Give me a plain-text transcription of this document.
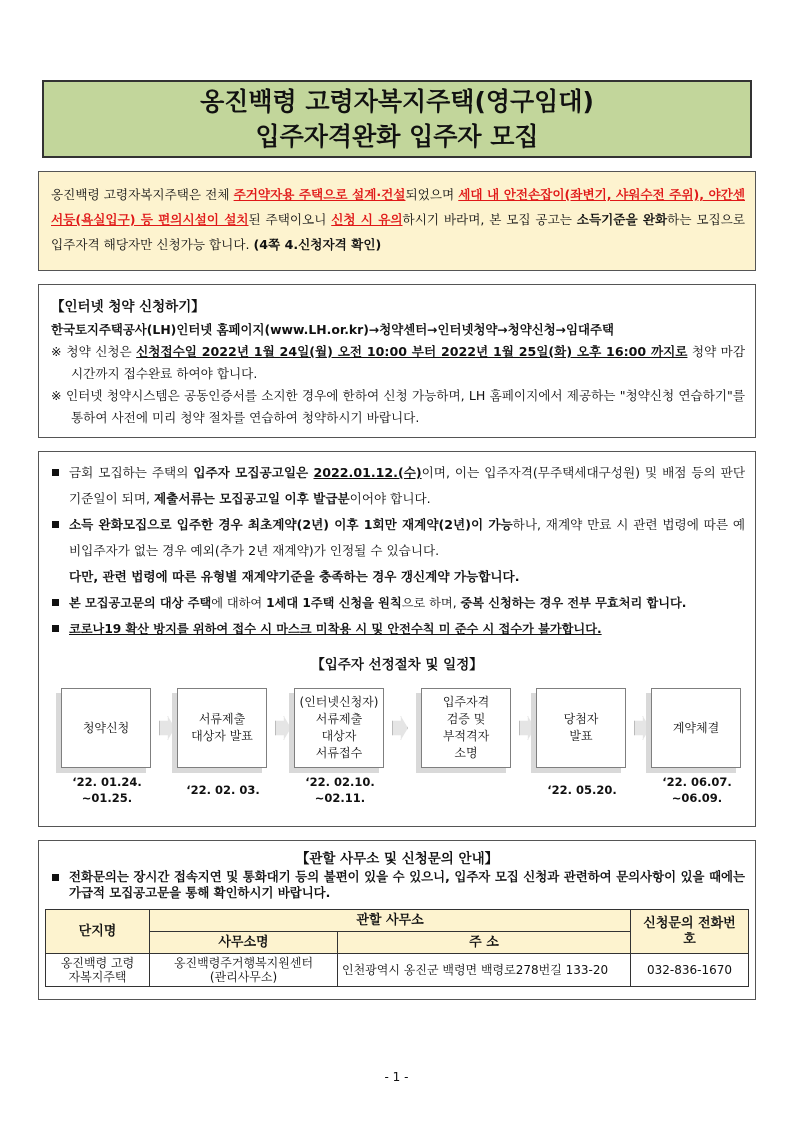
옹진백령 고령자복지주택(영구임대)
입주자격완화 입주자 모집
옹진백령 고령자복지주택은 전체 주거약자용 주택으로 설계·건설되었으며 세대 내 안전손잡이(좌변기, 샤워수전 주위), 야간센서등(욕실입구) 등 편의시설이 설치된 주택이오니 신청 시 유의하시기 바라며, 본 모집 공고는 소득기준을 완화하는 모집으로 입주자격 해당자만 신청가능 합니다. (4쪽 4.신청자격 확인)
【인터넷 청약 신청하기】
한국토지주택공사(LH)인터넷 홈페이지(www.LH.or.kr)→청약센터→인터넷청약→청약신청→임대주택
※ 청약 신청은 신청접수일 2022년 1월 24일(월) 오전 10:00 부터 2022년 1월 25일(화) 오후 16:00 까지로 청약 마감시간까지 접수완료 하여야 합니다.
※ 인터넷 청약시스템은 공동인증서를 소지한 경우에 한하여 신청 가능하며, LH 홈페이지에서 제공하는 "청약신청 연습하기"를 통하여 사전에 미리 청약 절차를 연습하여 청약하시기 바랍니다.
금회 모집하는 주택의 입주자 모집공고일은 2022.01.12.(수)이며, 이는 입주자격(무주택세대구성원) 및 배점 등의 판단 기준일이 되며, 제출서류는 모집공고일 이후 발급분이어야 합니다.
소득 완화모집으로 입주한 경우 최초계약(2년) 이후 1회만 재계약(2년)이 가능하나, 재계약 만료 시 관련 법령에 따른 예비입주자가 없는 경우 예외(추가 2년 재계약)가 인정될 수 있습니다.
다만, 관련 법령에 따른 유형별 재계약기준을 충족하는 경우 갱신계약 가능합니다.
본 모집공고문의 대상 주택에 대하여 1세대 1주택 신청을 원칙으로 하며, 중복 신청하는 경우 전부 무효처리 합니다.
코로나19 확산 방지를 위하여 접수 시 마스크 미착용 시 및 안전수칙 미 준수 시 접수가 불가합니다.
【입주자 선정절차 및 일정】
청약신청
서류제출
대상자 발표
(인터넷신청자)
서류제출
대상자
서류접수
입주자격
검증 및
부적격자
소명
당첨자
발표
계약체결
‘22. 01.24.
~01.25.
‘22. 02. 03.
‘22. 02.10.
~02.11.
‘22. 05.20.
‘22. 06.07.
~06.09.
【관할 사무소 및 신청문의 안내】
전화문의는 장시간 접속지연 및 통화대기 등의 불편이 있을 수 있으니, 입주자 모집 신청과 관련하여 문의사항이 있을 때에는 가급적 모집공고문을 통해 확인하시기 바랍니다.
단지명	관할 사무소		신청문의 전화번호
	사무소명	주 소	
옹진백령 고령자복지주택	옹진백령주거행복지원센터 (관리사무소)	인천광역시 옹진군 백령면 백령로278번길 133-20	032-836-1670
- 1 -
